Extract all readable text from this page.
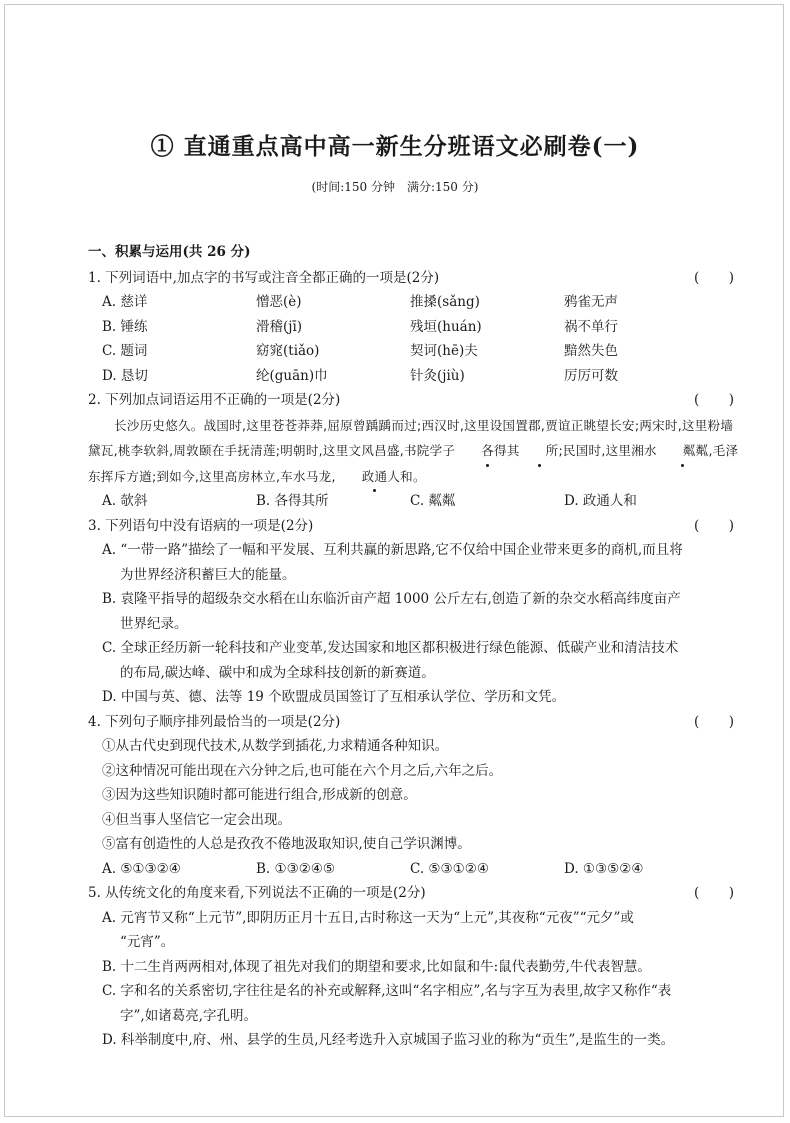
① 直通重点高中高一新生分班语文必刷卷(一)
(时间:150 分钟　满分:150 分)
一、积累与运用(共 26 分)
1. 下列词语中,加点字的书写或注音全都正确的一项是(2分)	( )
A. 慈详	憎恶(è)	推搡(sǎng)	鸦雀无声
B. 锤练	滑稽(jī)	残垣(huán)	祸不单行
C. 题词	窈窕(tiǎo)	契诃(hē)夫	黯然失色
D. 恳切	纶(guān)巾	针灸(jiù)	厉厉可数
2. 下列加点词语运用不正确的一项是(2分)	( )
长沙历史悠久。战国时,这里苍苍莽莽,屈原曾踽踽而过;西汉时,这里设国置郡,贾谊正眺望长安;两宋时,这里粉墙黛瓦,桃李软斜,周敦颐在手抚清莲;明朝时,这里文风昌盛,书院学子 各得其 所;民国时,这里湘水 粼粼,毛泽东挥斥方遒;到如今,这里高房林立,车水马龙, 政通人和。
A. 欹斜	B. 各得其所	C. 粼粼	D. 政通人和
3. 下列语句中没有语病的一项是(2分)	( )
A. “一带一路”描绘了一幅和平发展、互利共赢的新思路,它不仅给中国企业带来更多的商机,而且将
为世界经济积蓄巨大的能量。
B. 袁隆平指导的超级杂交水稻在山东临沂亩产超 1000 公斤左右,创造了新的杂交水稻高纬度亩产
世界纪录。
C. 全球正经历新一轮科技和产业变革,发达国家和地区都积极进行绿色能源、低碳产业和清洁技术
的布局,碳达峰、碳中和成为全球科技创新的新赛道。
D. 中国与英、德、法等 19 个欧盟成员国签订了互相承认学位、学历和文凭。
4. 下列句子顺序排列最恰当的一项是(2分)	( )
①从古代史到现代技术,从数学到插花,力求精通各种知识。
②这种情况可能出现在六分钟之后,也可能在六个月之后,六年之后。
③因为这些知识随时都可能进行组合,形成新的创意。
④但当事人坚信它一定会出现。
⑤富有创造性的人总是孜孜不倦地汲取知识,使自己学识渊博。
A. ⑤①③②④	B. ①③②④⑤	C. ⑤③①②④	D. ①③⑤②④
5. 从传统文化的角度来看,下列说法不正确的一项是(2分)	( )
A. 元宵节又称“上元节”,即阴历正月十五日,古时称这一天为“上元”,其夜称“元夜”“元夕”或
“元宵”。
B. 十二生肖两两相对,体现了祖先对我们的期望和要求,比如鼠和牛:鼠代表勤劳,牛代表智慧。
C. 字和名的关系密切,字往往是名的补充或解释,这叫“名字相应”,名与字互为表里,故字又称作“表
字”,如诸葛亮,字孔明。
D. 科举制度中,府、州、县学的生员,凡经考选升入京城国子监习业的称为“贡生”,是监生的一类。
